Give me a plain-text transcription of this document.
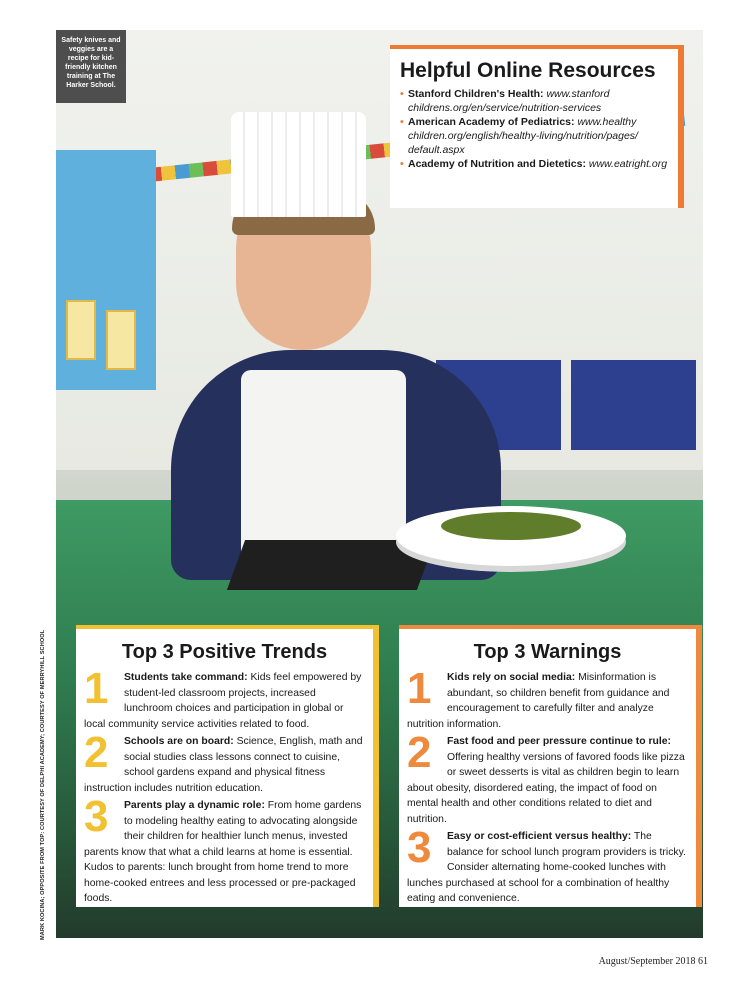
Safety knives and veggies are a recipe for kid-friendly kitchen training at The Harker School.
Helpful Online Resources
• Stanford Children's Health: www.stanford childrens.org/en/service/nutrition-services
• American Academy of Pediatrics: www.healthy children.org/english/healthy-living/nutrition/pages/ default.aspx
• Academy of Nutrition and Dietetics: www.eatright.org
MARK KOCINA; OPPOSITE FROM TOP: COURTESY OF DELPHI ACADEMY; COURTESY OF MERRYHILL SCHOOL	Top 3 Positive Trends
1	Students take command: Kids feel empowered by student-led classroom projects, increased lunchroom choices and participation in global or local community service activities related to food.
2	Schools are on board: Science, English, math and social studies class lessons connect to cuisine, school gardens expand and physical fitness instruction includes nutrition education.
3	Parents play a dynamic role: From home gardens to modeling healthy eating to advocating alongside their children for healthier lunch menus, invested parents know that what a child learns at home is essential. Kudos to parents: lunch brought from home trend to more home-cooked entrees and less processed or pre-packaged foods.
Top 3 Warnings
1	Kids rely on social media: Misinformation is abundant, so children benefit from guidance and encouragement to carefully filter and analyze nutrition information.
2	Fast food and peer pressure continue to rule: Offering healthy versions of favored foods like pizza or sweet desserts is vital as children begin to learn about obesity, disordered eating, the impact of food on mental health and other conditions related to diet and nutrition.
3	Easy or cost-efficient versus healthy: The balance for school lunch program providers is tricky. Consider alternating home-cooked lunches with lunches purchased at school for a combination of healthy eating and convenience.
August/September 2018 61
